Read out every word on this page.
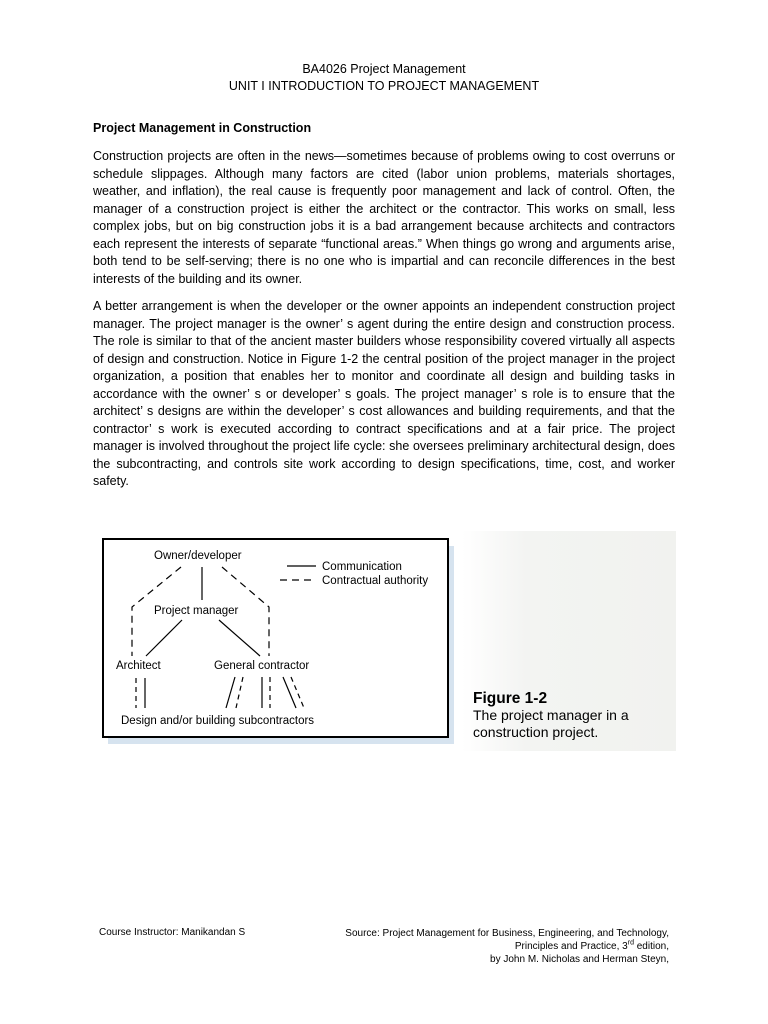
BA4026 Project Management
UNIT I INTRODUCTION TO PROJECT MANAGEMENT
Project Management in Construction

Construction projects are often in the news—sometimes because of problems owing to cost overruns or schedule slippages. Although many factors are cited (labor union problems, materials shortages, weather, and inflation), the real cause is frequently poor management and lack of control. Often, the manager of a construction project is either the architect or the contractor. This works on small, less complex jobs, but on big construction jobs it is a bad arrangement because architects and contractors each represent the interests of separate “functional areas.” When things go wrong and arguments arise, both tend to be self-serving; there is no one who is impartial and can reconcile differences in the best interests of the building and its owner.

A better arrangement is when the developer or the owner appoints an independent construction project manager. The project manager is the owner’ s agent during the entire design and construction process. The role is similar to that of the ancient master builders whose responsibility covered virtually all aspects of design and construction. Notice in Figure 1-2 the central position of the project manager in the project organization, a position that enables her to monitor and coordinate all design and building tasks in accordance with the owner’ s or developer’ s goals. The project manager’ s role is to ensure that the architect’ s designs are within the developer’ s cost allowances and building requirements, and that the contractor’ s work is executed according to contract specifications and at a fair price. The project manager is involved throughout the project life cycle: she oversees preliminary architectural design, does the subcontracting, and controls site work according to design specifications, time, cost, and worker safety.

Owner/developer
Project manager
Architect	General contractor
Design and/or building subcontractors
Communication
Contractual authority
Figure 1-2
The project manager in a
construction project.
Course Instructor: Manikandan S	Source: Project Management for Business, Engineering, and Technology,
Principles and Practice, 3rd edition,
by John M. Nicholas and Herman Steyn,
